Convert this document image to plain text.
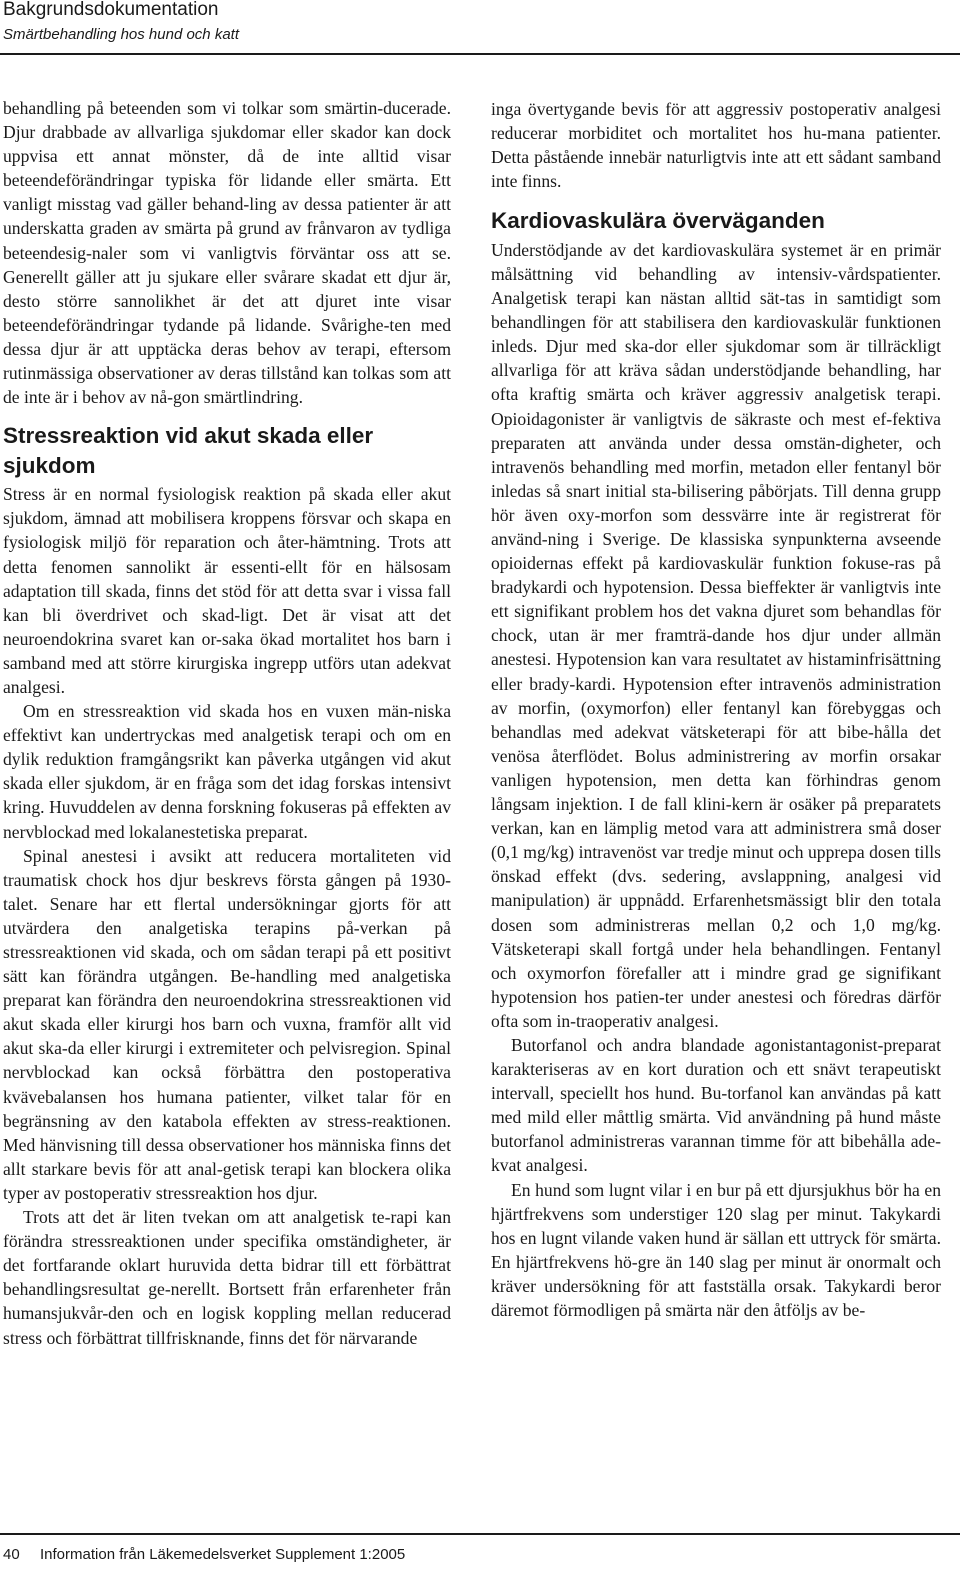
Bakgrundsdokumentation
Smärtbehandling hos hund och katt

behandling på beteenden som vi tolkar som smärtin-ducerade. Djur drabbade av allvarliga sjukdomar eller skador kan dock uppvisa ett annat mönster, då de inte alltid visar beteendeförändringar typiska för lidande eller smärta. Ett vanligt misstag vad gäller behand-ling av dessa patienter är att underskatta graden av smärta på grund av frånvaron av tydliga beteendesig-naler som vi vanligtvis förväntar oss att se. Generellt gäller att ju sjukare eller svårare skadat ett djur är, desto större sannolikhet är det att djuret inte visar beteendeförändringar tydande på lidande. Svårighe-ten med dessa djur är att upptäcka deras behov av terapi, eftersom rutinmässiga observationer av deras tillstånd kan tolkas som att de inte är i behov av nå-gon smärtlindring.

Stressreaktion vid akut skada eller sjukdom

Stress är en normal fysiologisk reaktion på skada eller akut sjukdom, ämnad att mobilisera kroppens försvar och skapa en fysiologisk miljö för reparation och åter-hämtning. Trots att detta fenomen sannolikt är essenti-ellt för en hälsosam adaptation till skada, finns det stöd för att detta svar i vissa fall kan bli överdrivet och skad-ligt. Det är visat att det neuroendokrina svaret kan or-saka ökad mortalitet hos barn i samband med att större kirurgiska ingrepp utförs utan adekvat analgesi.

Om en stressreaktion vid skada hos en vuxen män-niska effektivt kan undertryckas med analgetisk terapi och om en dylik reduktion framgångsrikt kan påverka utgången vid akut skada eller sjukdom, är en fråga som det idag forskas intensivt kring. Huvuddelen av denna forskning fokuseras på effekten av nervblockad med lokalanestetiska preparat.

Spinal anestesi i avsikt att reducera mortaliteten vid traumatisk chock hos djur beskrevs första gången på 1930-talet. Senare har ett flertal undersökningar gjorts för att utvärdera den analgetiska terapins på-verkan på stressreaktionen vid skada, och om sådan terapi på ett positivt sätt kan förändra utgången. Be-handling med analgetiska preparat kan förändra den neuroendokrina stressreaktionen vid akut skada eller kirurgi hos barn och vuxna, framför allt vid akut ska-da eller kirurgi i extremiteter och pelvisregion. Spinal nervblockad kan också förbättra den postoperativa kvävebalansen hos humana patienter, vilket talar för en begränsning av den katabola effekten av stress-reaktionen. Med hänvisning till dessa observationer hos människa finns det allt starkare bevis för att anal-getisk terapi kan blockera olika typer av postoperativ stressreaktion hos djur.

Trots att det är liten tvekan om att analgetisk te-rapi kan förändra stressreaktionen under specifika omständigheter, är det fortfarande oklart huruvida detta bidrar till ett förbättrat behandlingsresultat ge-nerellt. Bortsett från erfarenheter från humansjukvår-den och en logisk koppling mellan reducerad stress och förbättrat tillfrisknande, finns det för närvarande

inga övertygande bevis för att aggressiv postoperativ analgesi reducerar morbiditet och mortalitet hos hu-mana patienter. Detta påstående innebär naturligtvis inte att ett sådant samband inte finns.

Kardiovaskulära överväganden

Understödjande av det kardiovaskulära systemet är en primär målsättning vid behandling av intensiv-vårdspatienter. Analgetisk terapi kan nästan alltid sät-tas in samtidigt som behandlingen för att stabilisera den kardiovaskulär funktionen inleds. Djur med ska-dor eller sjukdomar som är tillräckligt allvarliga för att kräva sådan understödjande behandling, har ofta kraftig smärta och kräver aggressiv analgetisk terapi. Opioidagonister är vanligtvis de säkraste och mest ef-fektiva preparaten att använda under dessa omstän-digheter, och intravenös behandling med morfin, metadon eller fentanyl bör inledas så snart initial sta-bilisering påbörjats. Till denna grupp hör även oxy-morfon som dessvärre inte är registrerat för använd-ning i Sverige. De klassiska synpunkterna avseende opioidernas effekt på kardiovaskulär funktion fokuse-ras på bradykardi och hypotension. Dessa bieffekter är vanligtvis inte ett signifikant problem hos det vakna djuret som behandlas för chock, utan är mer framträ-dande hos djur under allmän anestesi. Hypotension kan vara resultatet av histaminfrisättning eller brady-kardi. Hypotension efter intravenös administration av morfin, (oxymorfon) eller fentanyl kan förebyggas och behandlas med adekvat vätsketerapi för att bibe-hålla det venösa återflödet. Bolus administrering av morfin orsakar vanligen hypotension, men detta kan förhindras genom långsam injektion. I de fall klini-kern är osäker på preparatets verkan, kan en lämplig metod vara att administrera små doser (0,1 mg/kg) intravenöst var tredje minut och upprepa dosen tills önskad effekt (dvs. sedering, avslappning, analgesi vid manipulation) är uppnådd. Erfarenhetsmässigt blir den totala dosen som administreras mellan 0,2 och 1,0 mg/kg. Vätsketerapi skall fortgå under hela behandlingen. Fentanyl och oxymorfon förefaller att i mindre grad ge signifikant hypotension hos patien-ter under anestesi och föredras därför ofta som in-traoperativ analgesi.

Butorfanol och andra blandade agonistantagonist-preparat karakteriseras av en kort duration och ett snävt terapeutiskt intervall, speciellt hos hund. Bu-torfanol kan användas på katt med mild eller måttlig smärta. Vid användning på hund måste butorfanol administreras varannan timme för att bibehålla ade-kvat analgesi.

En hund som lugnt vilar i en bur på ett djursjukhus bör ha en hjärtfrekvens som understiger 120 slag per minut. Takykardi hos en lugnt vilande vaken hund är sällan ett uttryck för smärta. En hjärtfrekvens hö-gre än 140 slag per minut är onormalt och kräver undersökning för att fastställa orsak. Takykardi beror däremot förmodligen på smärta när den åtföljs av be-

40 Information från Läkemedelsverket Supplement 1:2005
